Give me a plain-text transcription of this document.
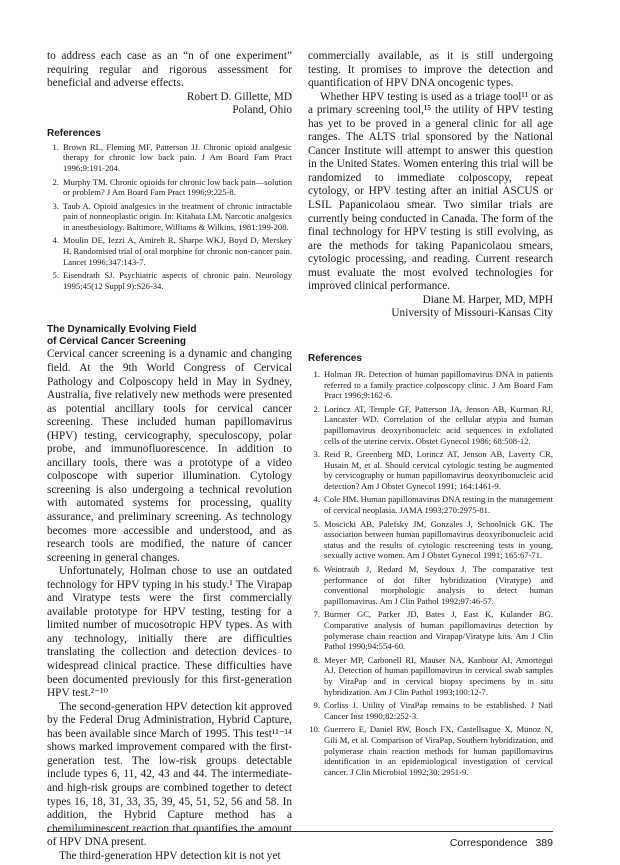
to address each case as an “n of one experiment” requiring regular and rigorous assessment for beneficial and adverse effects.

Robert D. Gillette, MD
Poland, Ohio
References
1. Brown RL, Fleming MF, Patterson JJ. Chronic opioid analgesic therapy for chronic low back pain. J Am Board Fam Pract 1996;9:191-204.
2. Murphy TM. Chronic opioids for chronic low back pain—solution or problem? J Am Board Fam Pract 1996;9:225-8.
3. Taub A. Opioid analgesics in the treatment of chronic intractable pain of nonneoplastic origin. In: Kitahata LM. Narcotic analgesics in anesthesiology. Baltimore, Williams & Wilkins, 1981:199-208.
4. Moulin DE, Iezzi A, Amireh R, Sharpe WKJ, Boyd D, Merskey H. Randomised trial of oral morphine for chronic non-cancer pain. Lancet 1996;347:143-7.
5. Eisendrath SJ. Psychiatric aspects of chronic pain. Neurology 1995;45(12 Suppl 9):S26-34.
The Dynamically Evolving Field
of Cervical Cancer Screening

Cervical cancer screening is a dynamic and changing field. At the 9th World Congress of Cervical Pathology and Colposcopy held in May in Sydney, Australia, five relatively new methods were presented as potential ancillary tools for cervical cancer screening. These included human papillomavirus (HPV) testing, cervicography, speculoscopy, polar probe, and immunofluorescence. In addition to ancillary tools, there was a prototype of a video colposcope with superior illumination. Cytology screening is also undergoing a technical revolution with automated systems for processing, quality assurance, and preliminary screening. As technology becomes more accessible and understood, and as research tools are modified, the nature of cancer screening in general changes.

Unfortunately, Holman chose to use an outdated technology for HPV typing in his study.¹ The Virapap and Viratype tests were the first commercially available prototype for HPV testing, testing for a limited number of mucosotropic HPV types. As with any technology, initially there are difficulties translating the collection and detection devices to widespread clinical practice. These difficulties have been documented previously for this first-generation HPV test.²⁻¹⁰

The second-generation HPV detection kit approved by the Federal Drug Administration, Hybrid Capture, has been available since March of 1995. This test¹¹⁻¹⁴ shows marked improvement compared with the first-generation test. The low-risk groups detectable include types 6, 11, 42, 43 and 44. The intermediate- and high-risk groups are combined together to detect types 16, 18, 31, 33, 35, 39, 45, 51, 52, 56 and 58. In addition, the Hybrid Capture method has a chemiluminescent reaction that quantifies the amount of HPV DNA present.

The third-generation HPV detection kit is not yet

commercially available, as it is still undergoing testing. It promises to improve the detection and quantification of HPV DNA oncogenic types.

Whether HPV testing is used as a triage tool¹¹ or as a primary screening tool,¹⁵ the utility of HPV testing has yet to be proved in a general clinic for all age ranges. The ALTS trial sponsored by the National Cancer Institute will attempt to answer this question in the United States. Women entering this trial will be randomized to immediate colposcopy, repeat cytology, or HPV testing after an initial ASCUS or LSIL Papanicolaou smear. Two similar trials are currently being conducted in Canada. The form of the final technology for HPV testing is still evolving, as are the methods for taking Papanicolaou smears, cytologic processing, and reading. Current research must evaluate the most evolved technologies for improved clinical performance.

Diane M. Harper, MD, MPH
University of Missouri-Kansas City
References
1. Holman JR. Detection of human papillomavirus DNA in patients referred to a family practice colposcopy clinic. J Am Board Fam Pract 1996;9:162-6.
2. Lorincz AT, Temple GF, Patterson JA, Jenson AB, Kurman RJ, Lancaster WD. Correlation of the cellular atypia and human papillomavirus deoxyribonucleic acid sequences in exfoliated cells of the uterine cervix. Obstet Gynecol 1986; 68:508-12.
3. Reid R, Greenberg MD, Lorincz AT, Jenson AB, Laverty CR, Husain M, et al. Should cervical cytologic testing be augmented by cervicography or human papillomavirus deoxyribonucleic acid detection? Am J Obstet Gynecol 1991; 164:1461-9.
4. Cole HM. Human papillomavirus DNA testing in the management of cervical neoplasia. JAMA 1993;270:2975-81.
5. Moscicki AB, Palefsky JM, Gonzales J, Schoolnick GK. The association between human papillomavirus deoxyribonucleic acid status and the results of cytologic rescreening tests in young, sexually active women. Am J Obstet Gynecol 1991; 165:67-71.
6. Weintraub J, Redard M, Seydoux J. The comparative test performance of dot filter hybridization (Viratype) and conventional morphologic analysis to detect human papillomavirus. Am J Clin Pathol 1992;97:46-57.
7. Burmer GC, Parker JD, Bates J, East K, Kulander BG. Comparative analysis of human papillomavirus detection by polymerase chain reaction and Virapap/Viratype kits. Am J Clin Pathol 1990;94:554-60.
8. Meyer MP, Carbonell RI, Mauser NA, Kanbour AI, Amortegui AJ. Detection of human papillomavirus in cervical swab samples by ViraPap and in cervical biopsy specimens by in situ hybridization. Am J Clin Pathol 1993;100:12-7.
9. Corliss J. Utility of ViraPap remains to be established. J Natl Cancer Inst 1990;82:252-3.
10. Guerrero E, Daniel RW, Bosch FX, Castellsague X, Munoz N, Gili M, et al. Comparison of ViraPap, Southern hybridization, and polymerase chain reaction methods for human papillomavirus identification in an epidemiological investigation of cervical cancer. J Clin Microbiol 1992;30: 2951-9.
Correspondence 389
